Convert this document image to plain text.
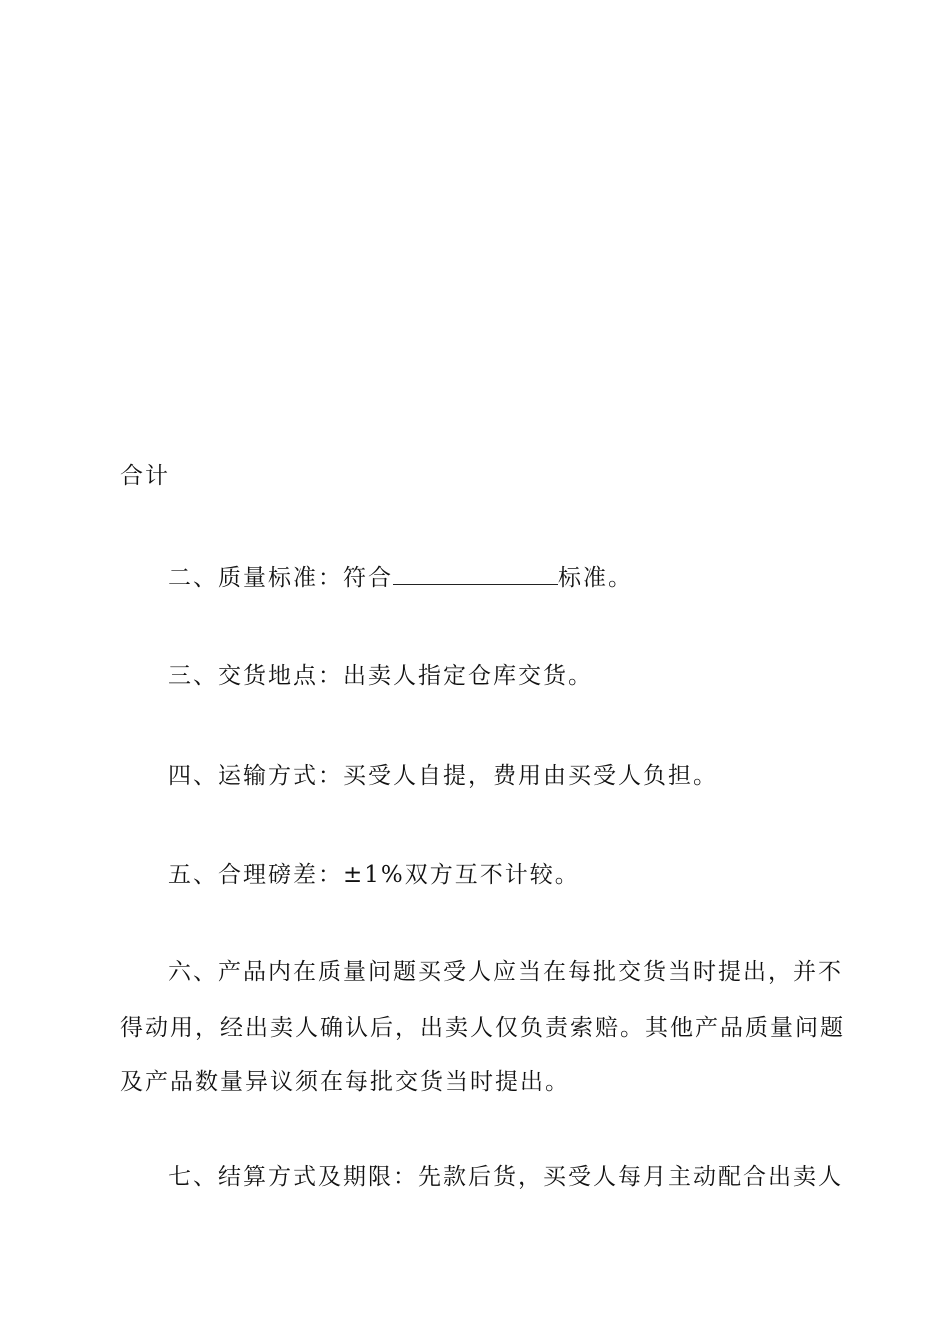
合计
二、质量标准：符合	标准。
三、交货地点：出卖人指定仓库交货。
四、运输方式：买受人自提，费用由买受人负担。
五、合理磅差：±1%双方互不计较。
六、产品内在质量问题买受人应当在每批交货当时提出，并不
得动用，经出卖人确认后，出卖人仅负责索赔。其他产品质量问题
及产品数量异议须在每批交货当时提出。
七、结算方式及期限：先款后货，买受人每月主动配合出卖人
